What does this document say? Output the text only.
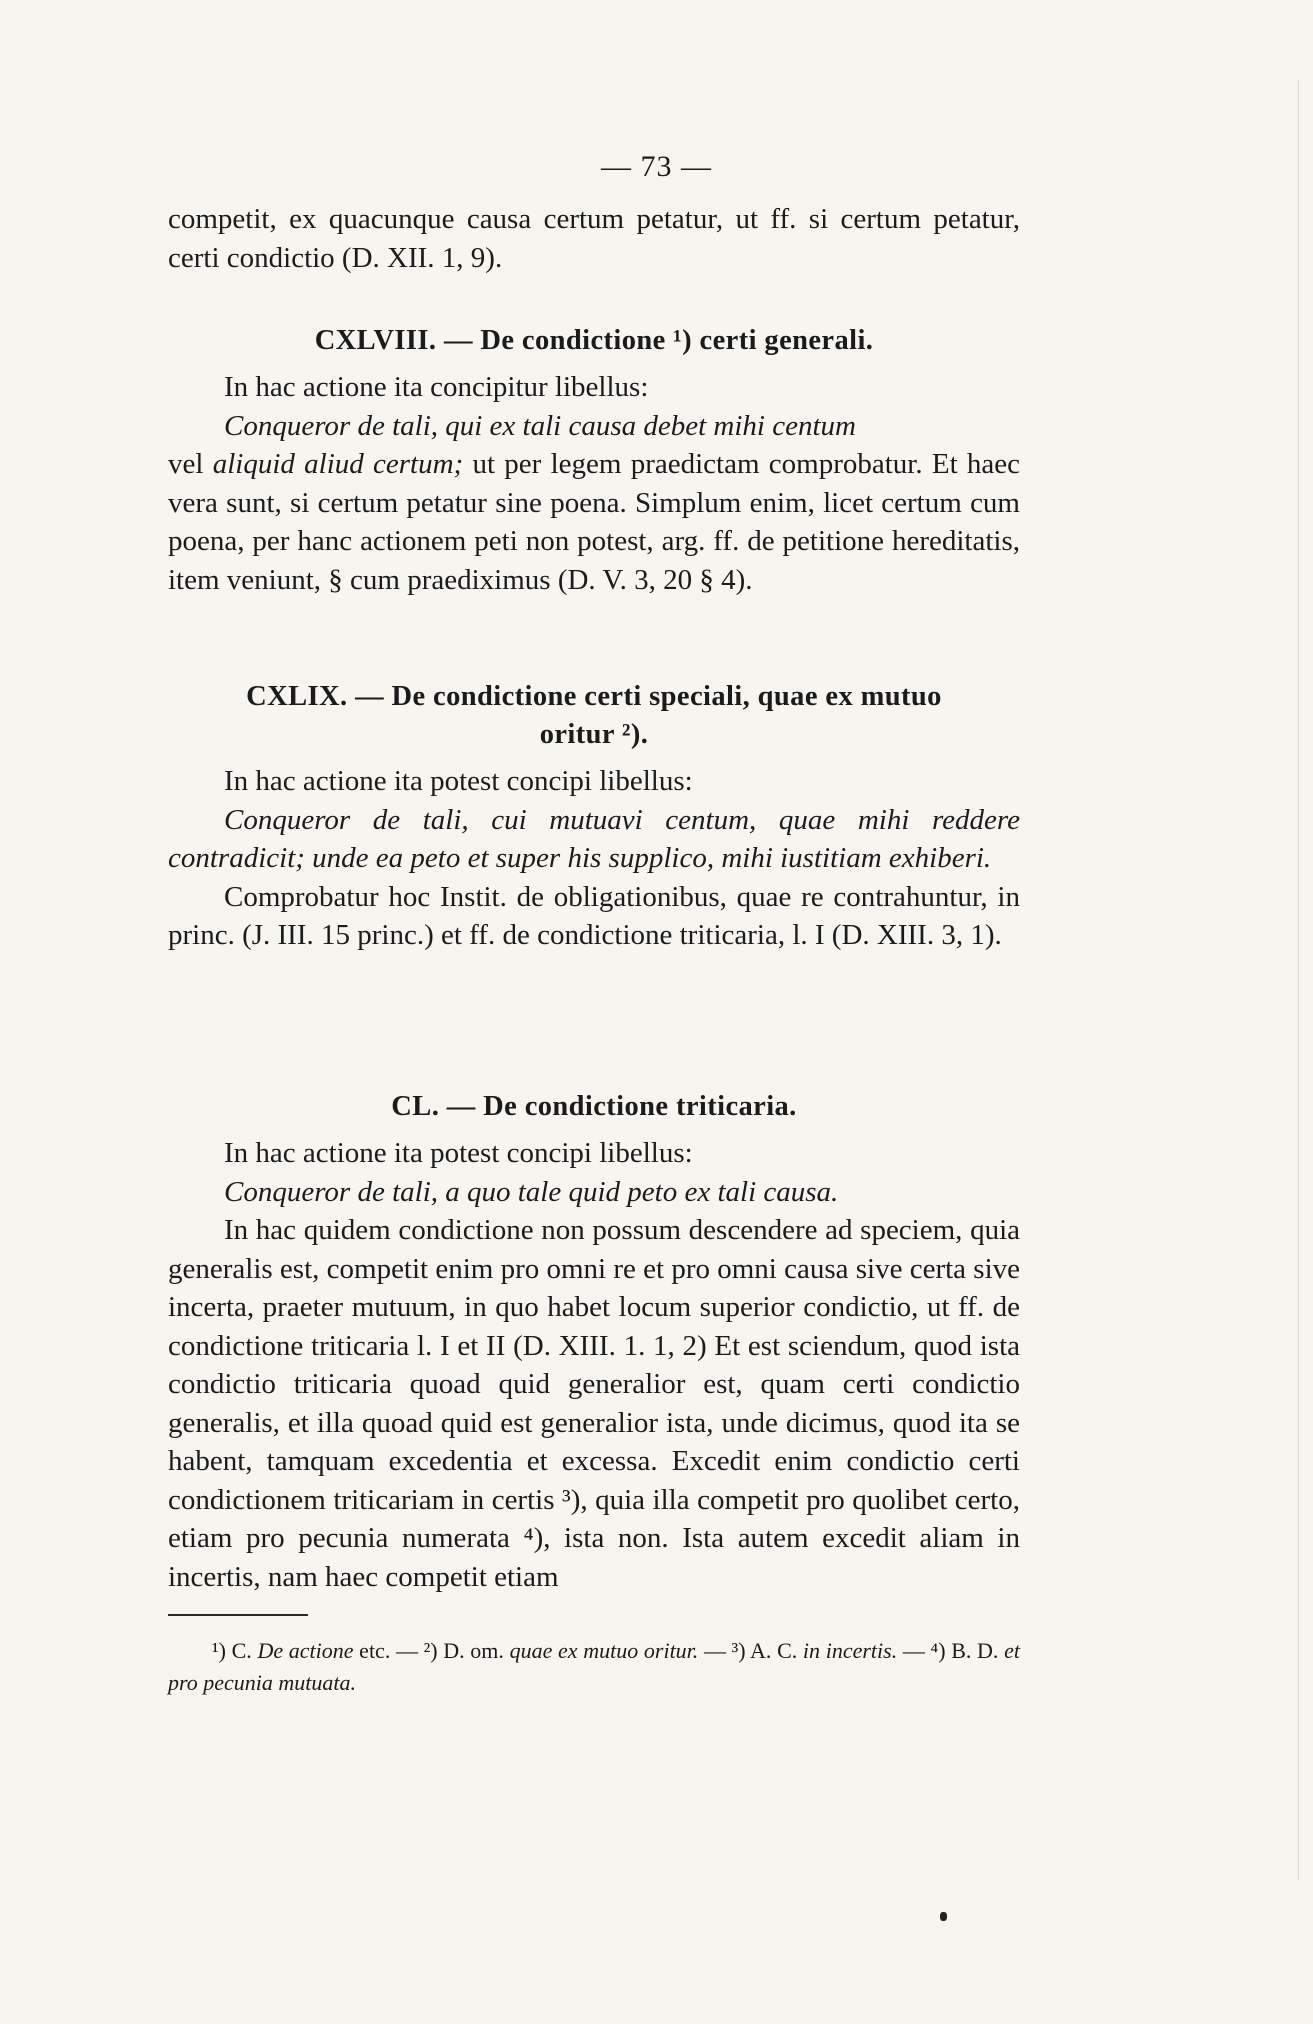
— 73 —

competit, ex quacunque causa certum petatur, ut ff. si certum petatur, certi condictio (D. XII. 1, 9).

CXLVIII. — De condictione ¹) certi generali.

In hac actione ita concipitur libellus:

Conqueror de tali, qui ex tali causa debet mihi centum

vel aliquid aliud certum; ut per legem praedictam comprobatur. Et haec vera sunt, si certum petatur sine poena. Simplum enim, licet certum cum poena, per hanc actionem peti non potest, arg. ff. de petitione hereditatis, item veniunt, § cum praediximus (D. V. 3, 20 § 4).

CXLIX. — De condictione certi speciali, quae ex mutuo
oritur ²).

In hac actione ita potest concipi libellus:

Conqueror de tali, cui mutuavi centum, quae mihi reddere contradicit; unde ea peto et super his supplico, mihi iustitiam exhiberi.

Comprobatur hoc Instit. de obligationibus, quae re contrahuntur, in princ. (J. III. 15 princ.) et ff. de condictione triticaria, l. I (D. XIII. 3, 1).

CL. — De condictione triticaria.

In hac actione ita potest concipi libellus:

Conqueror de tali, a quo tale quid peto ex tali causa.

In hac quidem condictione non possum descendere ad speciem, quia generalis est, competit enim pro omni re et pro omni causa sive certa sive incerta, praeter mutuum, in quo habet locum superior condictio, ut ff. de condictione triticaria l. I et II (D. XIII. 1. 1, 2) Et est sciendum, quod ista condictio triticaria quoad quid generalior est, quam certi condictio generalis, et illa quoad quid est generalior ista, unde dicimus, quod ita se habent, tamquam excedentia et excessa. Excedit enim condictio certi condictionem triticariam in certis ³), quia illa competit pro quolibet certo, etiam pro pecunia numerata ⁴), ista non. Ista autem excedit aliam in incertis, nam haec competit etiam

¹) C. De actione etc. — ²) D. om. quae ex mutuo oritur. — ³) A. C. in incertis. — ⁴) B. D. et pro pecunia mutuata.
